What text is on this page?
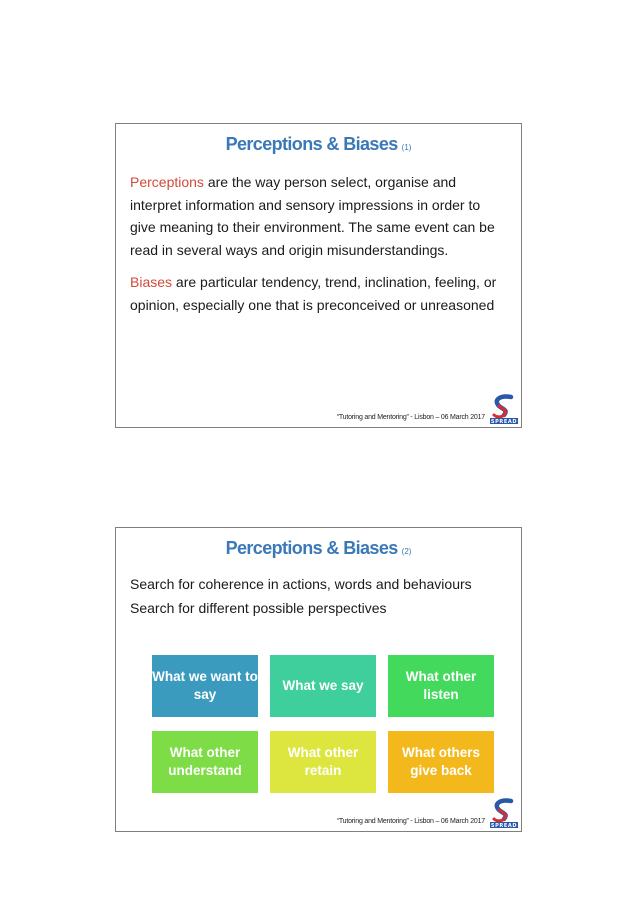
Perceptions & Biases (1)

Perceptions are the way person select, organise and interpret information and sensory impressions in order to give meaning to their environment. The same event can be read in several ways and origin misunderstandings.

Biases are particular tendency, trend, inclination, feeling, or opinion, especially one that is preconceived or unreasoned

“Tutoring and Mentoring” - Lisbon – 06 March 2017
SPREAD
Perceptions & Biases (2)

Search for coherence in actions, words and behaviours

Search for different possible perspectives

What we want to say
What we say
What other listen
What other understand
What other retain
What others give back
“Tutoring and Mentoring” - Lisbon – 06 March 2017
SPREAD
